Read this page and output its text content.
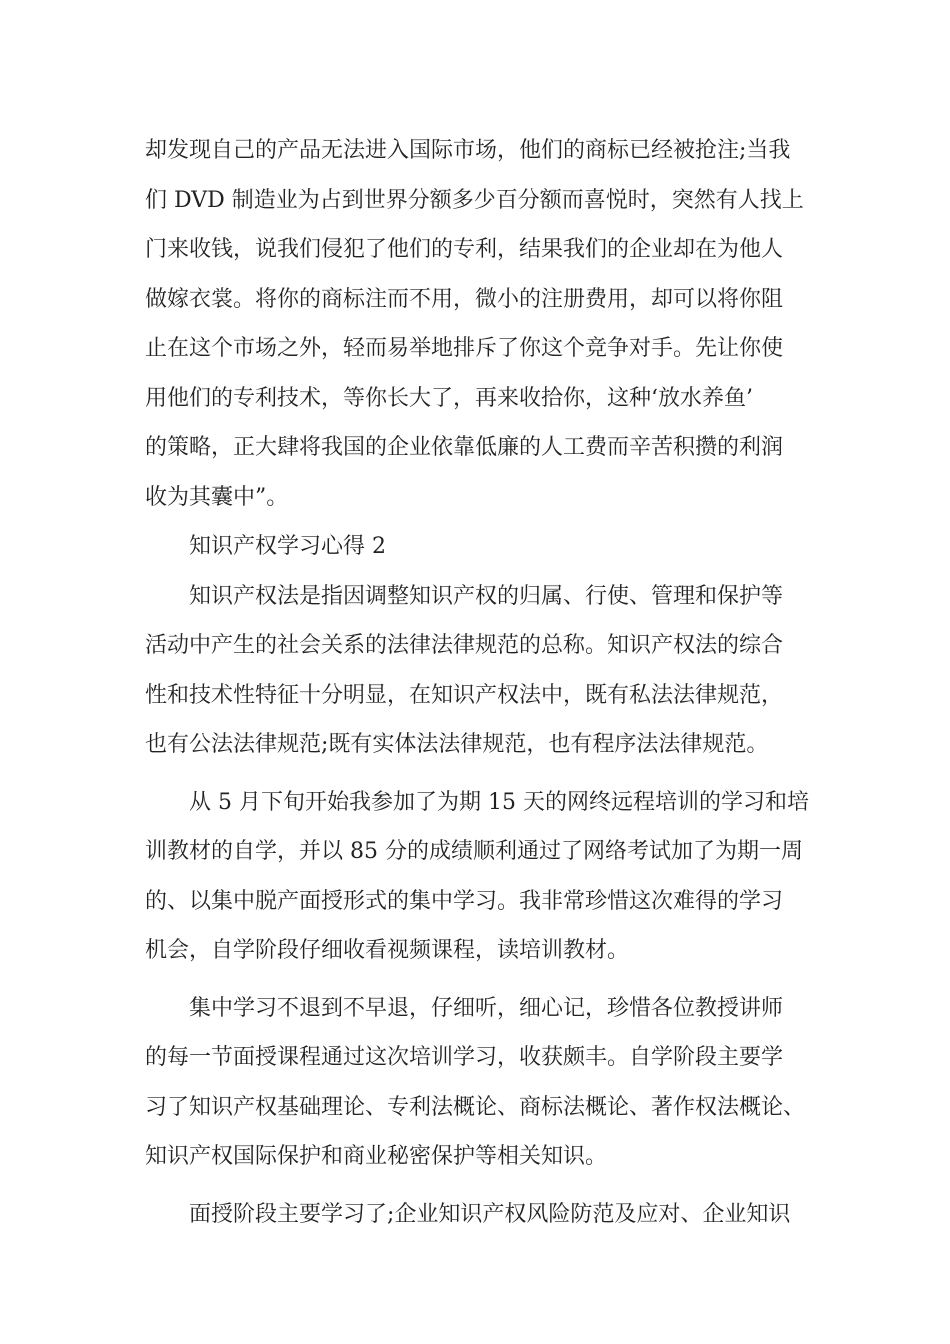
却发现自己的产品无法进入国际市场，他们的商标已经被抢注;当我
们 DVD 制造业为占到世界分额多少百分额而喜悦时，突然有人找上
门来收钱，说我们侵犯了他们的专利，结果我们的企业却在为他人
做嫁衣裳。将你的商标注而不用，微小的注册费用，却可以将你阻
止在这个市场之外，轻而易举地排斥了你这个竞争对手。先让你使
用他们的专利技术，等你长大了，再来收拾你，这种‘放水养鱼’
的策略，正大肆将我国的企业依靠低廉的人工费而辛苦积攒的利润
收为其囊中”。
知识产权学习心得 2
知识产权法是指因调整知识产权的归属、行使、管理和保护等
活动中产生的社会关系的法律法律规范的总称。知识产权法的综合
性和技术性特征十分明显，在知识产权法中，既有私法法律规范，
也有公法法律规范;既有实体法法律规范，也有程序法法律规范。
从 5 月下旬开始我参加了为期 15 天的网终远程培训的学习和培
训教材的自学，并以 85 分的成绩顺利通过了网络考试加了为期一周
的、以集中脱产面授形式的集中学习。我非常珍惜这次难得的学习
机会，自学阶段仔细收看视频课程，读培训教材。
集中学习不退到不早退，仔细听，细心记，珍惜各位教授讲师
的每一节面授课程通过这次培训学习，收获颇丰。自学阶段主要学
习了知识产权基础理论、专利法概论、商标法概论、著作权法概论、
知识产权国际保护和商业秘密保护等相关知识。
面授阶段主要学习了;企业知识产权风险防范及应对、企业知识
